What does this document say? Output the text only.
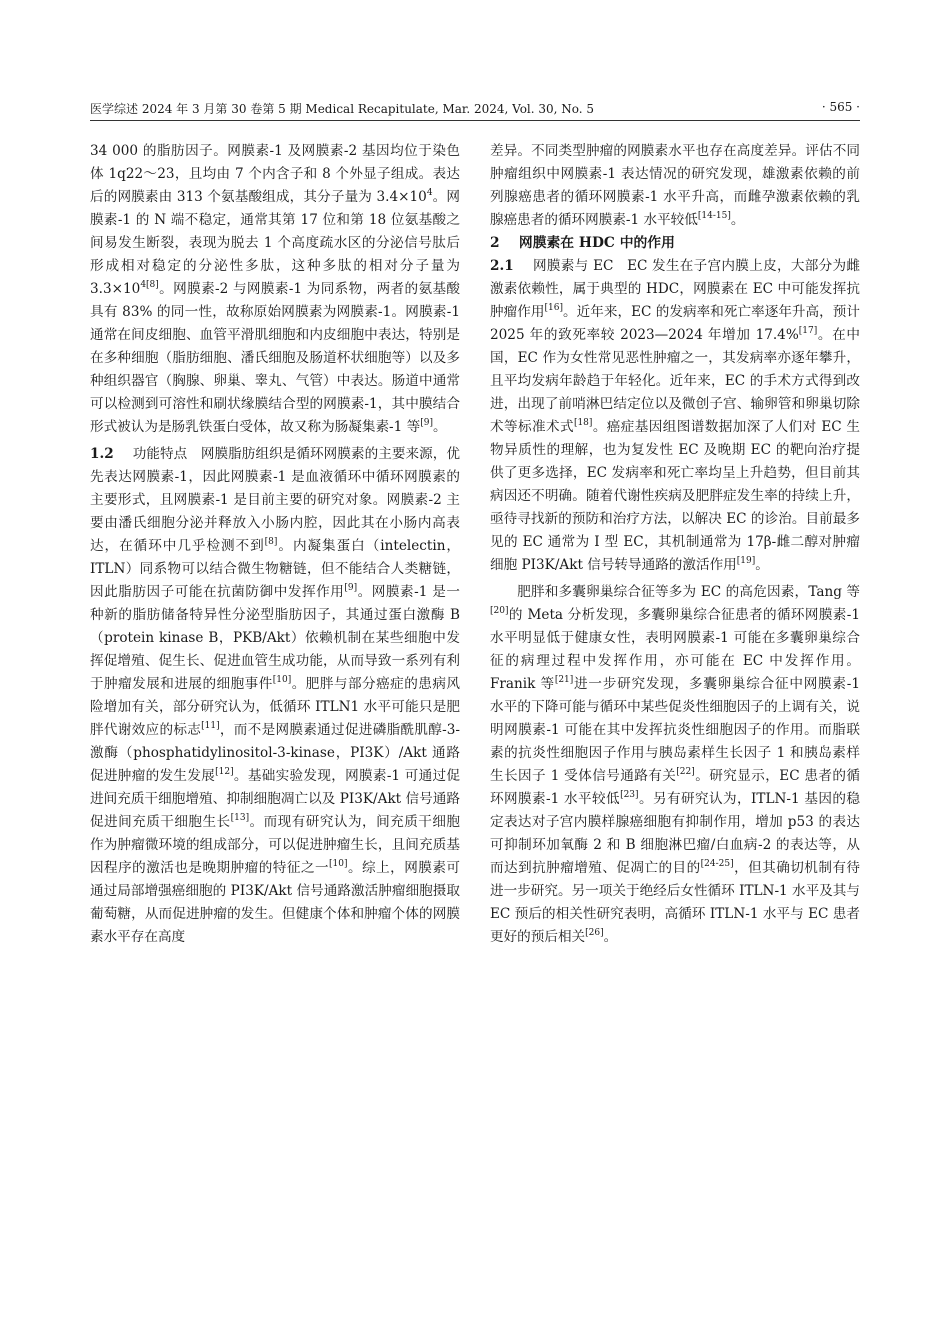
医学综述 2024 年 3 月第 30 卷第 5 期 Medical Recapitulate, Mar. 2024, Vol. 30, No. 5	· 565 ·

34 000 的脂肪因子。网膜素-1 及网膜素-2 基因均位于染色体 1q22～23，且均由 7 个内含子和 8 个外显子组成。表达后的网膜素由 313 个氨基酸组成，其分子量为 $3.4\times 10^4$。网膜素-1 的 N 端不稳定，通常其第 17 位和第 18 位氨基酸之间易发生断裂，表现为脱去 1 个高度疏水区的分泌信号肽后形成相对稳定的分泌性多肽，这种多肽的相对分子量为 $3.3\times 10^{4[8]}$。网膜素-2 与网膜素-1 为同系物，两者的氨基酸具有 83% 的同一性，故称原始网膜素为网膜素-1。网膜素-1 通常在间皮细胞、血管平滑肌细胞和内皮细胞中表达，特别是在多种细胞（脂肪细胞、潘氏细胞及肠道杯状细胞等）以及多种组织器官（胸腺、卵巢、睾丸、气管）中表达。肠道中通常可以检测到可溶性和刷状缘膜结合型的网膜素-1，其中膜结合形式被认为是肠乳铁蛋白受体，故又称为肠凝集素-1 等[9]。

1.2 功能特点 网膜脂肪组织是循环网膜素的主要来源，优先表达网膜素-1，因此网膜素-1 是血液循环中循环网膜素的主要形式，且网膜素-1 是目前主要的研究对象。网膜素-2 主要由潘氏细胞分泌并释放入小肠内腔，因此其在小肠内高表达，在循环中几乎检测不到[8]。内凝集蛋白（intelectin，ITLN）同系物可以结合微生物糖链，但不能结合人类糖链，因此脂肪因子可能在抗菌防御中发挥作用[9]。网膜素-1 是一种新的脂肪储备特异性分泌型脂肪因子，其通过蛋白激酶 B（protein kinase B，PKB/Akt）依赖机制在某些细胞中发挥促增殖、促生长、促进血管生成功能，从而导致一系列有利于肿瘤发展和进展的细胞事件[10]。肥胖与部分癌症的患病风险增加有关，部分研究认为，低循环 ITLN1 水平可能只是肥胖代谢效应的标志[11]，而不是网膜素通过促进磷脂酰肌醇-3-激酶（phosphatidylinositol-3-kinase，PI3K）/Akt 通路促进肿瘤的发生发展[12]。基础实验发现，网膜素-1 可通过促进间充质干细胞增殖、抑制细胞凋亡以及 PI3K/Akt 信号通路促进间充质干细胞生长[13]。而现有研究认为，间充质干细胞作为肿瘤微环境的组成部分，可以促进肿瘤生长，且间充质基因程序的激活也是晚期肿瘤的特征之一[10]。综上，网膜素可通过局部增强癌细胞的 PI3K/Akt 信号通路激活肿瘤细胞摄取葡萄糖，从而促进肿瘤的发生。但健康个体和肿瘤个体的网膜素水平存在高度

差异。不同类型肿瘤的网膜素水平也存在高度差异。评估不同肿瘤组织中网膜素-1 表达情况的研究发现，雄激素依赖的前列腺癌患者的循环网膜素-1 水平升高，而雌孕激素依赖的乳腺癌患者的循环网膜素-1 水平较低[14-15]。

2 网膜素在 HDC 中的作用

2.1 网膜素与 EC EC 发生在子宫内膜上皮，大部分为雌激素依赖性，属于典型的 HDC，网膜素在 EC 中可能发挥抗肿瘤作用[16]。近年来，EC 的发病率和死亡率逐年升高，预计 2025 年的致死率较 2023—2024 年增加 17.4%[17]。在中国，EC 作为女性常见恶性肿瘤之一，其发病率亦逐年攀升，且平均发病年龄趋于年轻化。近年来，EC 的手术方式得到改进，出现了前哨淋巴结定位以及微创子宫、输卵管和卵巢切除术等标准术式[18]。癌症基因组图谱数据加深了人们对 EC 生物异质性的理解，也为复发性 EC 及晚期 EC 的靶向治疗提供了更多选择，EC 发病率和死亡率均呈上升趋势，但目前其病因还不明确。随着代谢性疾病及肥胖症发生率的持续上升，亟待寻找新的预防和治疗方法，以解决 EC 的诊治。目前最多见的 EC 通常为 Ⅰ 型 EC，其机制通常为 17β-雌二醇对肿瘤细胞 PI3K/Akt 信号转导通路的激活作用[19]。

肥胖和多囊卵巢综合征等多为 EC 的高危因素，Tang 等[20]的 Meta 分析发现，多囊卵巢综合征患者的循环网膜素-1 水平明显低于健康女性，表明网膜素-1 可能在多囊卵巢综合征的病理过程中发挥作用，亦可能在 EC 中发挥作用。Franik 等[21]进一步研究发现，多囊卵巢综合征中网膜素-1 水平的下降可能与循环中某些促炎性细胞因子的上调有关，说明网膜素-1 可能在其中发挥抗炎性细胞因子的作用。而脂联素的抗炎性细胞因子作用与胰岛素样生长因子 1 和胰岛素样生长因子 1 受体信号通路有关[22]。研究显示，EC 患者的循环网膜素-1 水平较低[23]。另有研究认为，ITLN-1 基因的稳定表达对子宫内膜样腺癌细胞有抑制作用，增加 p53 的表达可抑制环加氧酶 2 和 B 细胞淋巴瘤/白血病-2 的表达等，从而达到抗肿瘤增殖、促凋亡的目的[24-25]，但其确切机制有待进一步研究。另一项关于绝经后女性循环 ITLN-1 水平及其与 EC 预后的相关性研究表明，高循环 ITLN-1 水平与 EC 患者更好的预后相关[26]。
